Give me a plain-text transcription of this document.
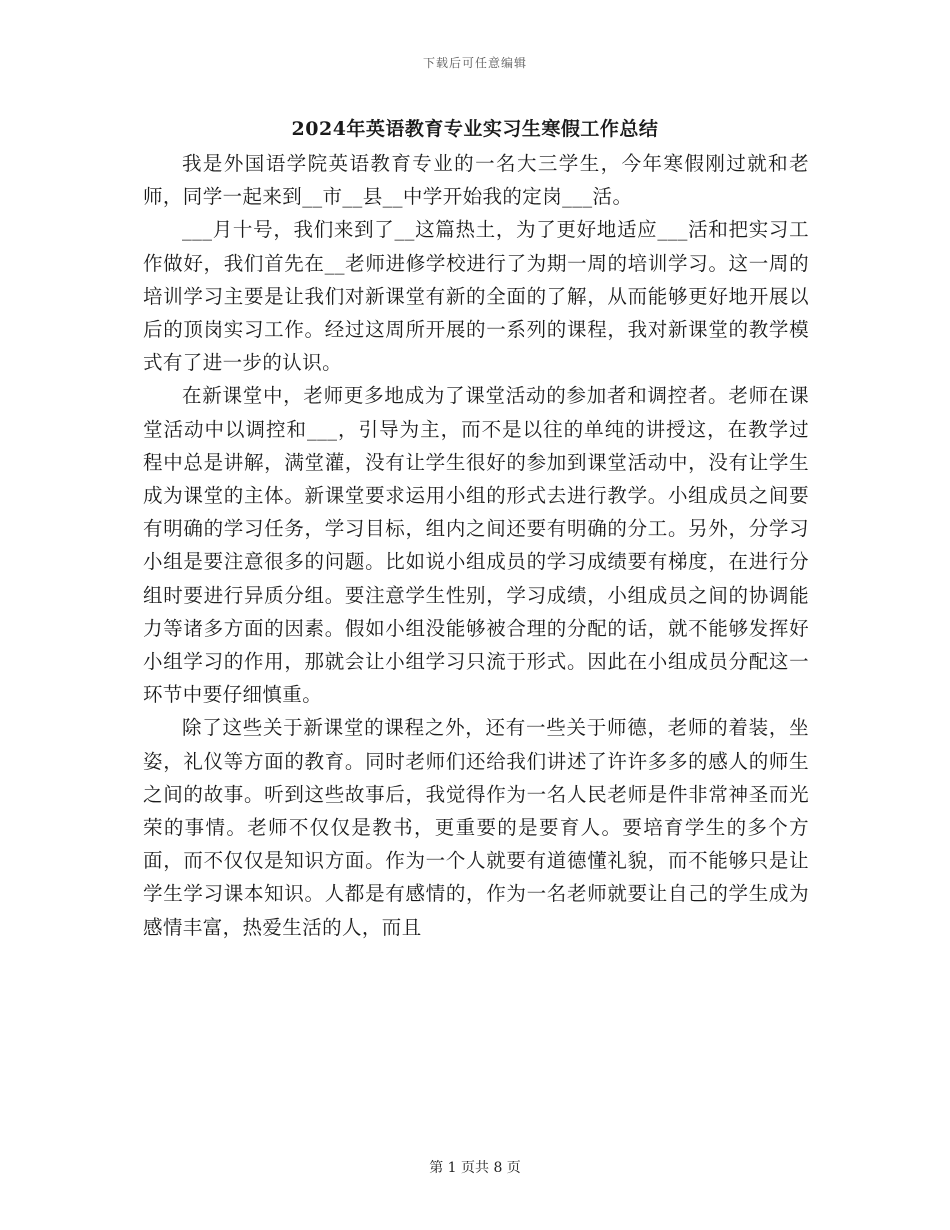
下载后可任意编辑
2024年英语教育专业实习生寒假工作总结

我是外国语学院英语教育专业的一名大三学生，今年寒假刚过就和老师，同学一起来到__市__县__中学开始我的定岗___活。

___月十号，我们来到了__这篇热土，为了更好地适应___活和把实习工作做好，我们首先在__老师进修学校进行了为期一周的培训学习。这一周的培训学习主要是让我们对新课堂有新的全面的了解，从而能够更好地开展以后的顶岗实习工作。经过这周所开展的一系列的课程，我对新课堂的教学模式有了进一步的认识。

在新课堂中，老师更多地成为了课堂活动的参加者和调控者。老师在课堂活动中以调控和___，引导为主，而不是以往的单纯的讲授这，在教学过程中总是讲解，满堂灌，没有让学生很好的参加到课堂活动中，没有让学生成为课堂的主体。新课堂要求运用小组的形式去进行教学。小组成员之间要有明确的学习任务，学习目标，组内之间还要有明确的分工。另外，分学习小组是要注意很多的问题。比如说小组成员的学习成绩要有梯度，在进行分组时要进行异质分组。要注意学生性别，学习成绩，小组成员之间的协调能力等诸多方面的因素。假如小组没能够被合理的分配的话，就不能够发挥好小组学习的作用，那就会让小组学习只流于形式。因此在小组成员分配这一环节中要仔细慎重。

除了这些关于新课堂的课程之外，还有一些关于师德，老师的着装，坐姿，礼仪等方面的教育。同时老师们还给我们讲述了许许多多的感人的师生之间的故事。听到这些故事后，我觉得作为一名人民老师是件非常神圣而光荣的事情。老师不仅仅是教书，更重要的是要育人。要培育学生的多个方面，而不仅仅是知识方面。作为一个人就要有道德懂礼貌，而不能够只是让学生学习课本知识。人都是有感情的，作为一名老师就要让自己的学生成为感情丰富，热爱生活的人，而且

第 1 页共 8 页
